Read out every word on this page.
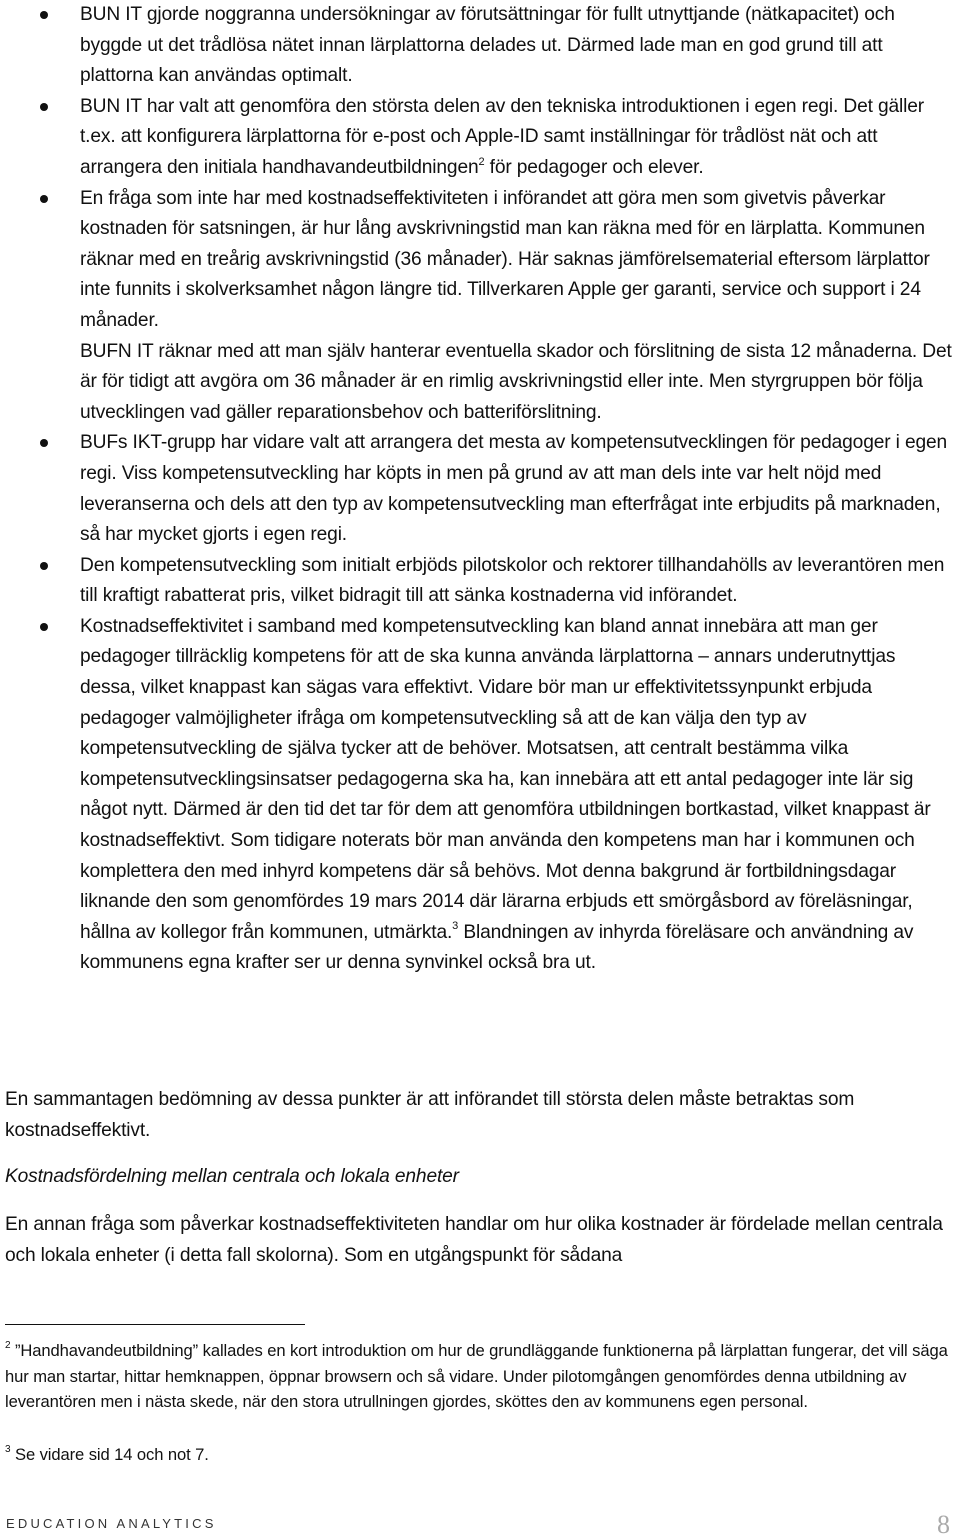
BUN IT gjorde noggranna undersökningar av förutsättningar för fullt utnyttjande (nätkapacitet) och byggde ut det trådlösa nätet innan lärplattorna delades ut. Därmed lade man en god grund till att plattorna kan användas optimalt.

BUN IT har valt att genomföra den största delen av den tekniska introduktionen i egen regi. Det gäller t.ex. att konfigurera lärplattorna för e-post och Apple-ID samt inställningar för trådlöst nät och att arrangera den initiala handhavandeutbildningen$^2$ för pedagoger och elever.

En fråga som inte har med kostnadseffektiviteten i införandet att göra men som givetvis påverkar kostnaden för satsningen, är hur lång avskrivningstid man kan räkna med för en lärplatta. Kommunen räknar med en treårig avskrivningstid (36 månader). Här saknas jämförelsematerial eftersom lärplattor inte funnits i skolverksamhet någon längre tid. Tillverkaren Apple ger garanti, service och support i 24 månader.

BUFN IT räknar med att man själv hanterar eventuella skador och förslitning de sista 12 månaderna. Det är för tidigt att avgöra om 36 månader är en rimlig avskrivningstid eller inte. Men styrgruppen bör följa utvecklingen vad gäller reparationsbehov och batteriförslitning.

BUFs IKT-grupp har vidare valt att arrangera det mesta av kompetensutvecklingen för pedagoger i egen regi. Viss kompetensutveckling har köpts in men på grund av att man dels inte var helt nöjd med leveranserna och dels att den typ av kompetensutveckling man efterfrågat inte erbjudits på marknaden, så har mycket gjorts i egen regi.

Den kompetensutveckling som initialt erbjöds pilotskolor och rektorer tillhandahölls av leverantören men till kraftigt rabatterat pris, vilket bidragit till att sänka kostnaderna vid införandet.

Kostnadseffektivitet i samband med kompetensutveckling kan bland annat innebära att man ger pedagoger tillräcklig kompetens för att de ska kunna använda lärplattorna – annars underutnyttjas dessa, vilket knappast kan sägas vara effektivt. Vidare bör man ur effektivitetssynpunkt erbjuda pedagoger valmöjligheter ifråga om kompetensutveckling så att de kan välja den typ av kompetensutveckling de själva tycker att de behöver. Motsatsen, att centralt bestämma vilka kompetensutvecklingsinsatser pedagogerna ska ha, kan innebära att ett antal pedagoger inte lär sig något nytt. Därmed är den tid det tar för dem att genomföra utbildningen bortkastad, vilket knappast är kostnadseffektivt. Som tidigare noterats bör man använda den kompetens man har i kommunen och komplettera den med inhyrd kompetens där så behövs. Mot denna bakgrund är fortbildningsdagar liknande den som genomfördes 19 mars 2014 där lärarna erbjuds ett smörgåsbord av föreläsningar, hållna av kollegor från kommunen, utmärkta.$^3$ Blandningen av inhyrda föreläsare och användning av kommunens egna krafter ser ur denna synvinkel också bra ut.

En sammantagen bedömning av dessa punkter är att införandet till största delen måste betraktas som kostnadseffektivt.

Kostnadsfördelning mellan centrala och lokala enheter

En annan fråga som påverkar kostnadseffektiviteten handlar om hur olika kostnader är fördelade mellan centrala och lokala enheter (i detta fall skolorna). Som en utgångspunkt för sådana

$^2$ ”Handhavandeutbildning” kallades en kort introduktion om hur de grundläggande funktionerna på lärplattan fungerar, det vill säga hur man startar, hittar hemknappen, öppnar browsern och så vidare. Under pilotomgången genomfördes denna utbildning av leverantören men i nästa skede, när den stora utrullningen gjordes, sköttes den av kommunens egen personal.

$^3$ Se vidare sid 14 och not 7.

EDUCATION ANALYTICS	8
